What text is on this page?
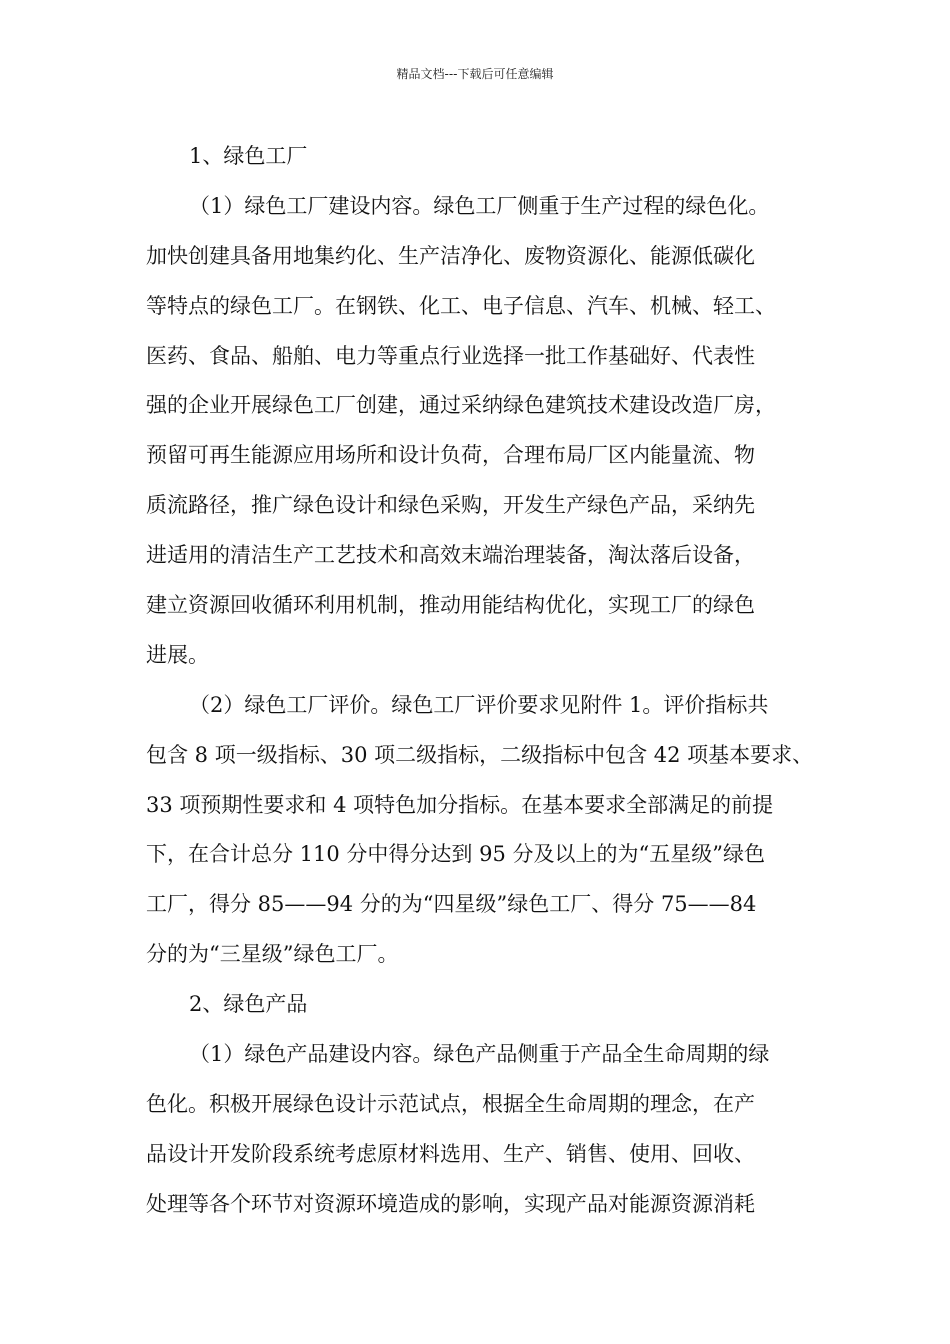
精品文档---下载后可任意编辑
1、绿色工厂
（1）绿色工厂建设内容。绿色工厂侧重于生产过程的绿色化。
加快创建具备用地集约化、生产洁净化、废物资源化、能源低碳化
等特点的绿色工厂。在钢铁、化工、电子信息、汽车、机械、轻工、
医药、食品、船舶、电力等重点行业选择一批工作基础好、代表性
强的企业开展绿色工厂创建，通过采纳绿色建筑技术建设改造厂房，
预留可再生能源应用场所和设计负荷，合理布局厂区内能量流、物
质流路径，推广绿色设计和绿色采购，开发生产绿色产品，采纳先
进适用的清洁生产工艺技术和高效末端治理装备，淘汰落后设备，
建立资源回收循环利用机制，推动用能结构优化，实现工厂的绿色
进展。
（2）绿色工厂评价。绿色工厂评价要求见附件 1。评价指标共
包含 8 项一级指标、30 项二级指标，二级指标中包含 42 项基本要求、
33 项预期性要求和 4 项特色加分指标。在基本要求全部满足的前提
下，在合计总分 110 分中得分达到 95 分及以上的为“五星级”绿色
工厂，得分 85——94 分的为“四星级”绿色工厂、得分 75——84
分的为“三星级”绿色工厂。
2、绿色产品
（1）绿色产品建设内容。绿色产品侧重于产品全生命周期的绿
色化。积极开展绿色设计示范试点，根据全生命周期的理念，在产
品设计开发阶段系统考虑原材料选用、生产、销售、使用、回收、
处理等各个环节对资源环境造成的影响，实现产品对能源资源消耗
